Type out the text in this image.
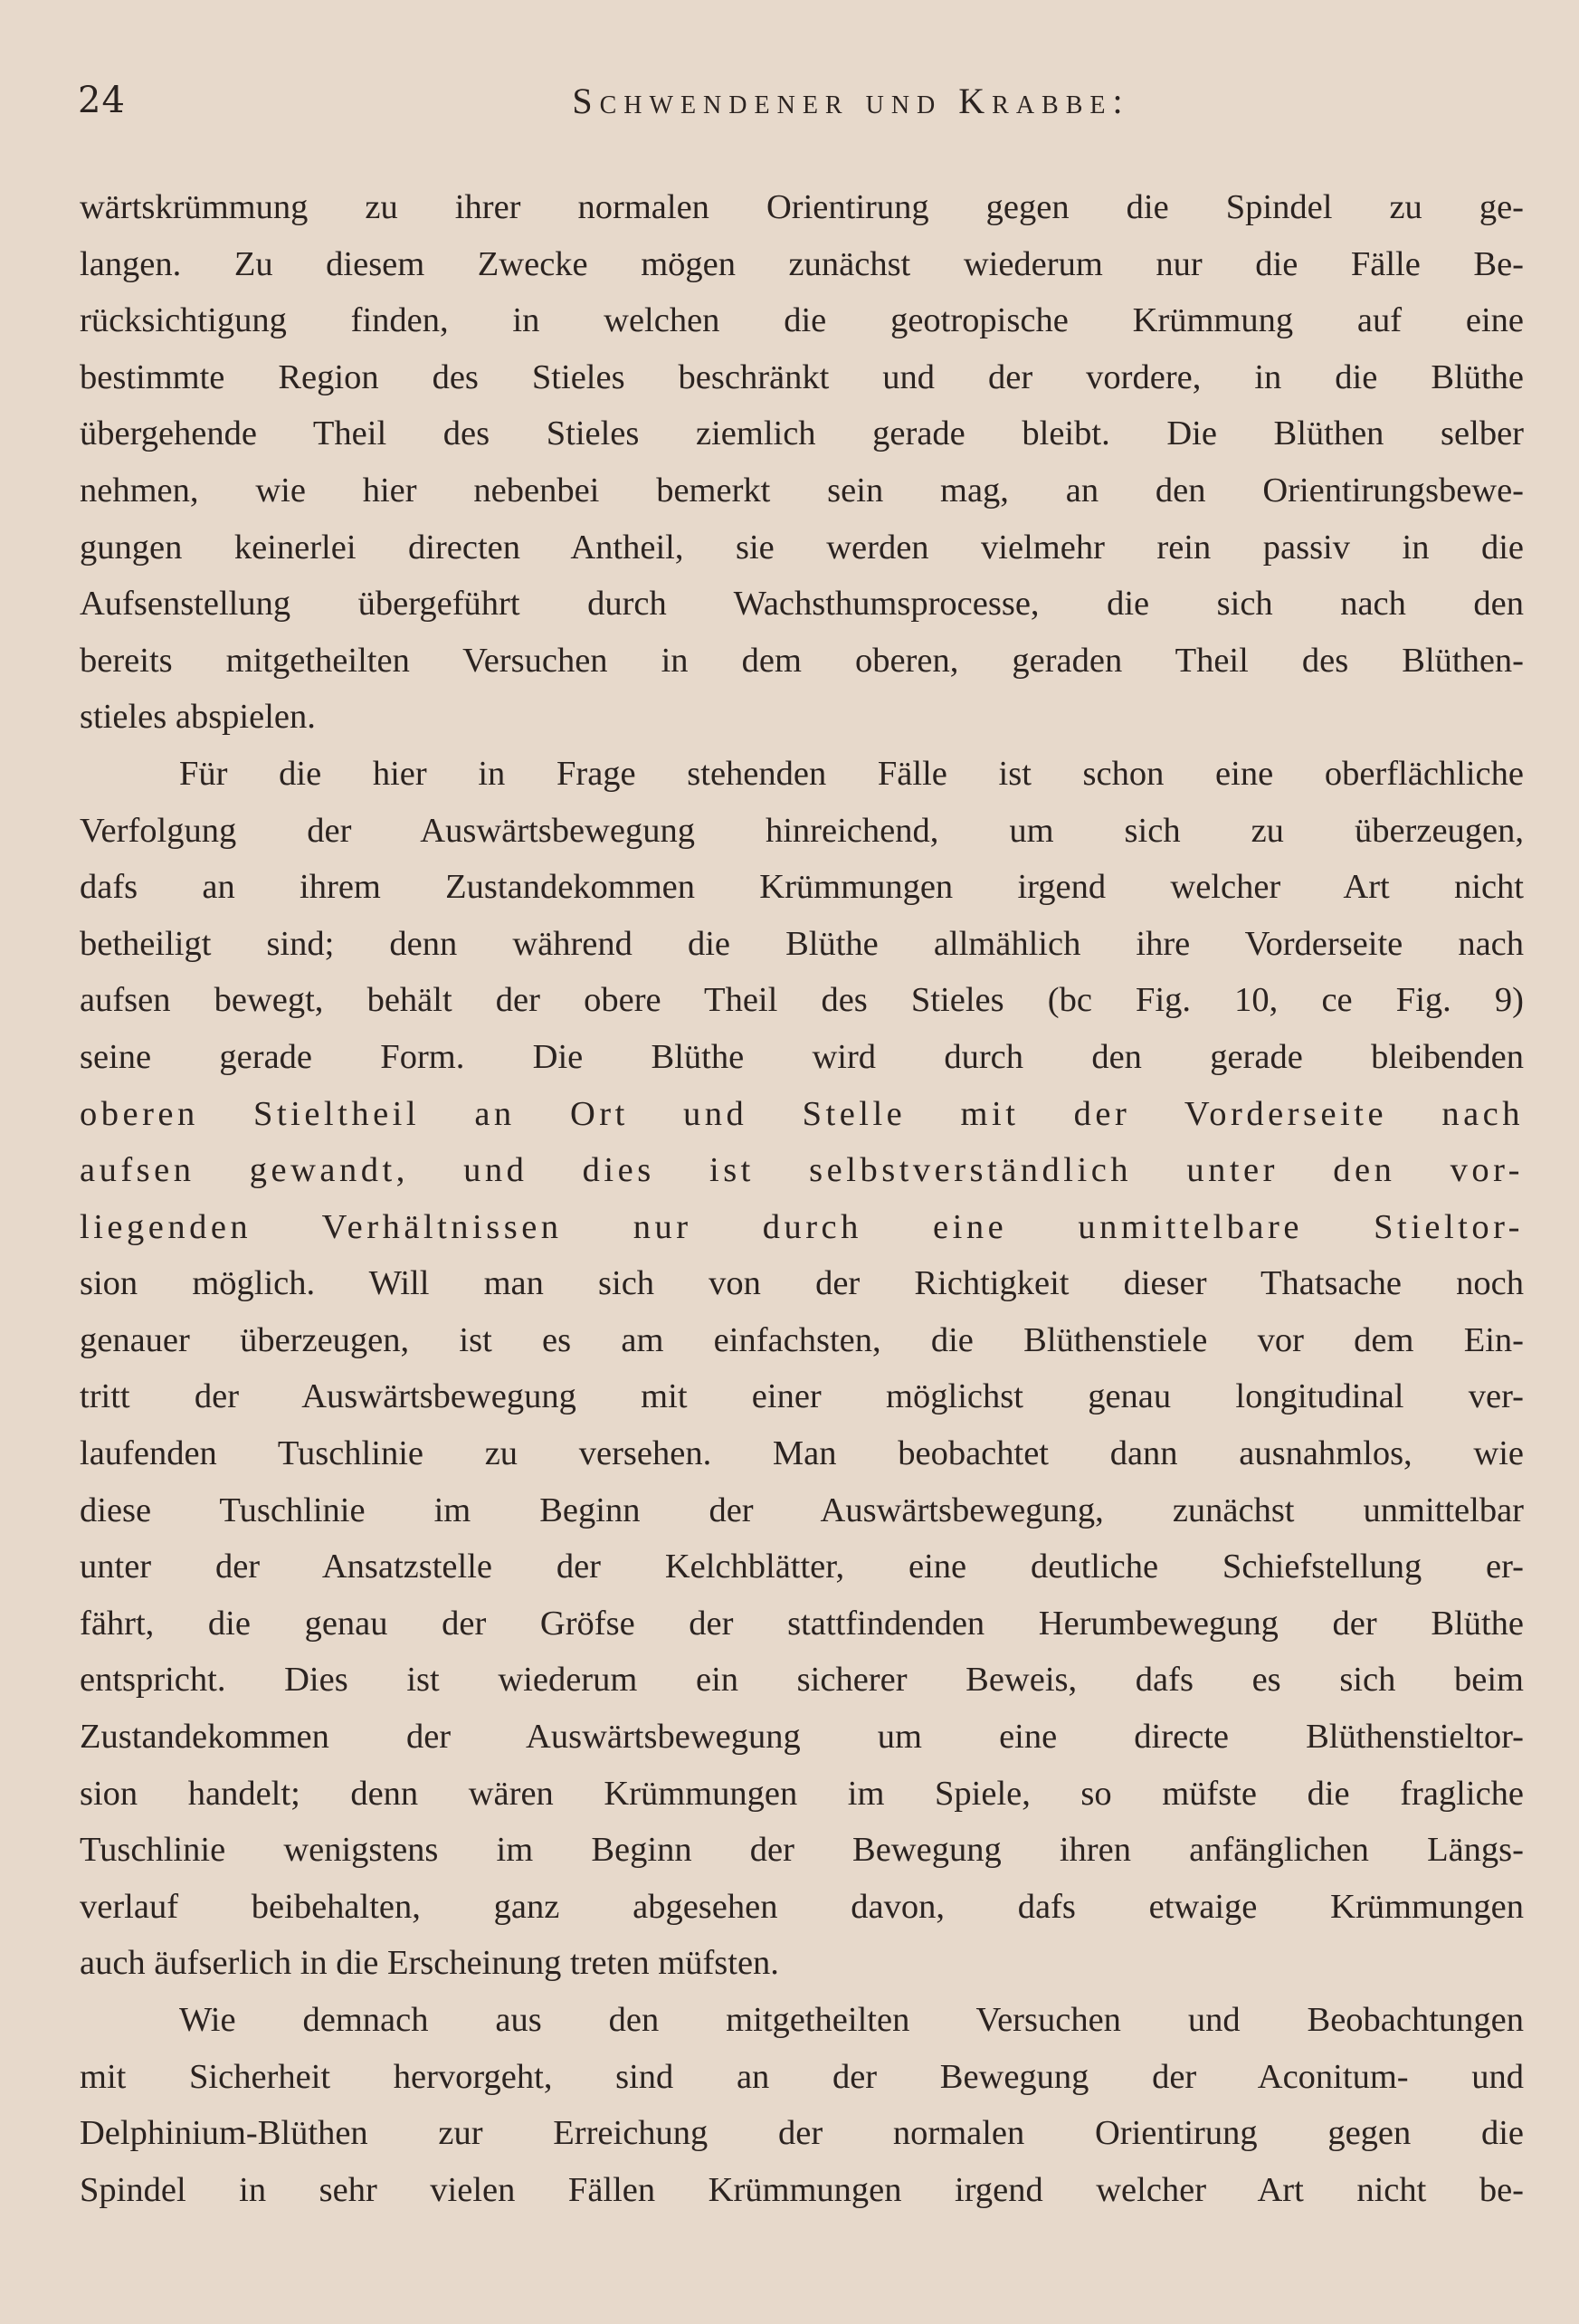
24	Schwendener und Krabbe:
wärtskrümmung zu ihrer normalen Orientirung gegen die Spindel zu ge-
langen. Zu diesem Zwecke mögen zunächst wiederum nur die Fälle Be-
rücksichtigung finden, in welchen die geotropische Krümmung auf eine
bestimmte Region des Stieles beschränkt und der vordere, in die Blüthe
übergehende Theil des Stieles ziemlich gerade bleibt. Die Blüthen selber
nehmen, wie hier nebenbei bemerkt sein mag, an den Orientirungsbewe-
gungen keinerlei directen Antheil, sie werden vielmehr rein passiv in die
Aufsenstellung übergeführt durch Wachsthumsprocesse, die sich nach den
bereits mitgetheilten Versuchen in dem oberen, geraden Theil des Blüthen-
stieles abspielen.
Für die hier in Frage stehenden Fälle ist schon eine oberflächliche
Verfolgung der Auswärtsbewegung hinreichend, um sich zu überzeugen,
dafs an ihrem Zustandekommen Krümmungen irgend welcher Art nicht
betheiligt sind; denn während die Blüthe allmählich ihre Vorderseite nach
aufsen bewegt, behält der obere Theil des Stieles (bc Fig. 10, ce Fig. 9)
seine gerade Form. Die Blüthe wird durch den gerade bleibenden
oberen Stieltheil an Ort und Stelle mit der Vorderseite nach
aufsen gewandt, und dies ist selbstverständlich unter den vor-
liegenden Verhältnissen nur durch eine unmittelbare Stieltor-
sion möglich. Will man sich von der Richtigkeit dieser Thatsache noch
genauer überzeugen, ist es am einfachsten, die Blüthenstiele vor dem Ein-
tritt der Auswärtsbewegung mit einer möglichst genau longitudinal ver-
laufenden Tuschlinie zu versehen. Man beobachtet dann ausnahmlos, wie
diese Tuschlinie im Beginn der Auswärtsbewegung, zunächst unmittelbar
unter der Ansatzstelle der Kelchblätter, eine deutliche Schiefstellung er-
fährt, die genau der Gröfse der stattfindenden Herumbewegung der Blüthe
entspricht. Dies ist wiederum ein sicherer Beweis, dafs es sich beim
Zustandekommen der Auswärtsbewegung um eine directe Blüthenstieltor-
sion handelt; denn wären Krümmungen im Spiele, so müfste die fragliche
Tuschlinie wenigstens im Beginn der Bewegung ihren anfänglichen Längs-
verlauf beibehalten, ganz abgesehen davon, dafs etwaige Krümmungen
auch äufserlich in die Erscheinung treten müfsten.
Wie demnach aus den mitgetheilten Versuchen und Beobachtungen
mit Sicherheit hervorgeht, sind an der Bewegung der Aconitum- und
Delphinium-Blüthen zur Erreichung der normalen Orientirung gegen die
Spindel in sehr vielen Fällen Krümmungen irgend welcher Art nicht be-
